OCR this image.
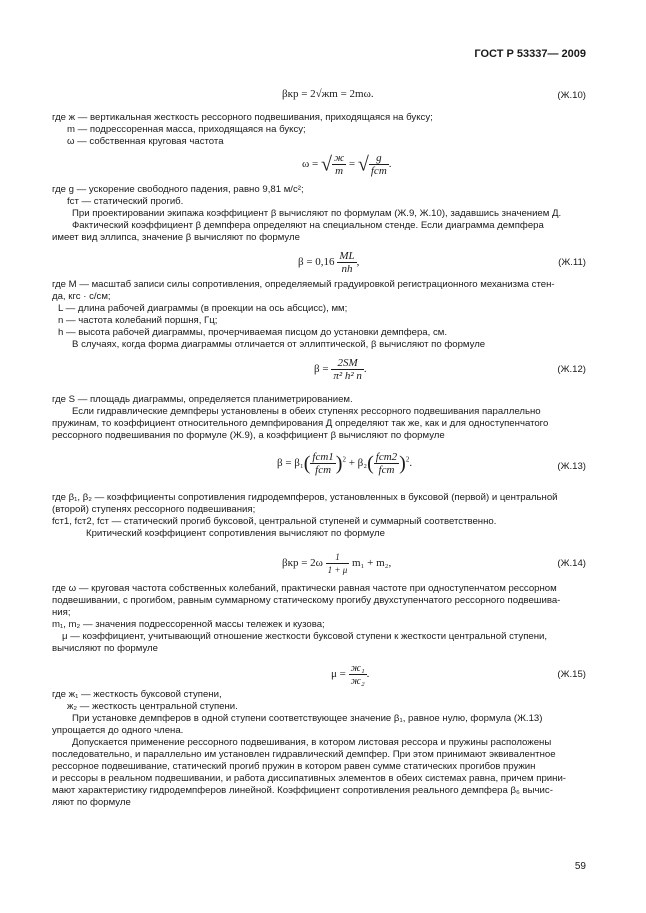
ГОСТ Р 53337— 2009
βкр = 2√жm = 2mω.	(Ж.10)
где ж — вертикальная жесткость рессорного подвешивания, приходящаяся на буксу;
m — подрессоренная масса, приходящаяся на буксу;
ω — собственная круговая частота
ω = √ $\frac{ж}{m}$ = √ $\frac{g}{\text{fст}}$ .
где g — ускорение свободного падения, равно 9,81 м/с²;
fст — статический прогиб.
При проектировании экипажа коэффициент β вычисляют по формулам (Ж.9, Ж.10), задавшись значением Д.
Фактический коэффициент β демпфера определяют на специальном стенде. Если диаграмма демпфера
имеет вид эллипса, значение β вычисляют по формуле
$\beta = 0,16 \frac{ML}{nh}$ ,	(Ж.11)
где М — масштаб записи силы сопротивления, определяемый градуировкой регистрационного механизма стен-
да, кгс · с/см;
L — длина рабочей диаграммы (в проекции на ось абсцисс), мм;
n — частота колебаний поршня, Гц;
h — высота рабочей диаграммы, прочерчиваемая писцом до установки демпфера, см.
В случаях, когда форма диаграммы отличается от эллиптической, β вычисляют по формуле
$\beta = \frac{2SM}{\text{π² h² n}}$ .	(Ж.12)
где S — площадь диаграммы, определяется планиметрированием.
Если гидравлические демпферы установлены в обеих ступенях рессорного подвешивания параллельно
пружинам, то коэффициент относительного демпфирования Д определяют так же, как и для одноступенчатого
рессорного подвешивания по формуле (Ж.9), а коэффициент β вычисляют по формуле
$\beta = \beta_1( \frac{\text{fст1}}{\text{fст}} )^2 + \beta_2( \frac{\text{fст2}}{\text{fст}} )^2$.	(Ж.13)
где β₁, β₂ — коэффициенты сопротивления гидродемпферов, установленных в буксовой (первой) и центральной
(второй) ступенях рессорного подвешивания;
fст1, fст2, fст — статический прогиб буксовой, центральной ступеней и суммарный соответственно.
Критический коэффициент сопротивления вычисляют по формуле
$\beta кр = 2\omega \frac{1}{1 + \mu} m_1 + m_2$,	(Ж.14)
где ω — круговая частота собственных колебаний, практически равная частоте при одноступенчатом рессорном
подвешивании, с прогибом, равным суммарному статическому прогибу двухступенчатого рессорного подвешива-
ния;
m₁, m₂ — значения подрессоренной массы тележек и кузова;
μ — коэффициент, учитывающий отношение жесткости буксовой ступени к жесткости центральной ступени,
вычисляют по формуле
$\mu = \frac{\text{ж₁}}{\text{ж₂}}$ .	(Ж.15)
где ж₁ — жесткость буксовой ступени,
ж₂ — жесткость центральной ступени.
При установке демпферов в одной ступени соответствующее значение β₁, равное нулю, формула (Ж.13)
упрощается до одного члена.
Допускается применение рессорного подвешивания, в котором листовая рессора и пружины расположены
последовательно, и параллельно им установлен гидравлический демпфер. При этом принимают эквивалентное
рессорное подвешивание, статический прогиб пружин в котором равен сумме статических прогибов пружин
и рессоры в реальном подвешивании, и работа диссипативных элементов в обеих системах равна, причем прини-
мают характеристику гидродемпферов линейной. Коэффициент сопротивления реального демпфера β₆ вычис-
ляют по формуле
59
